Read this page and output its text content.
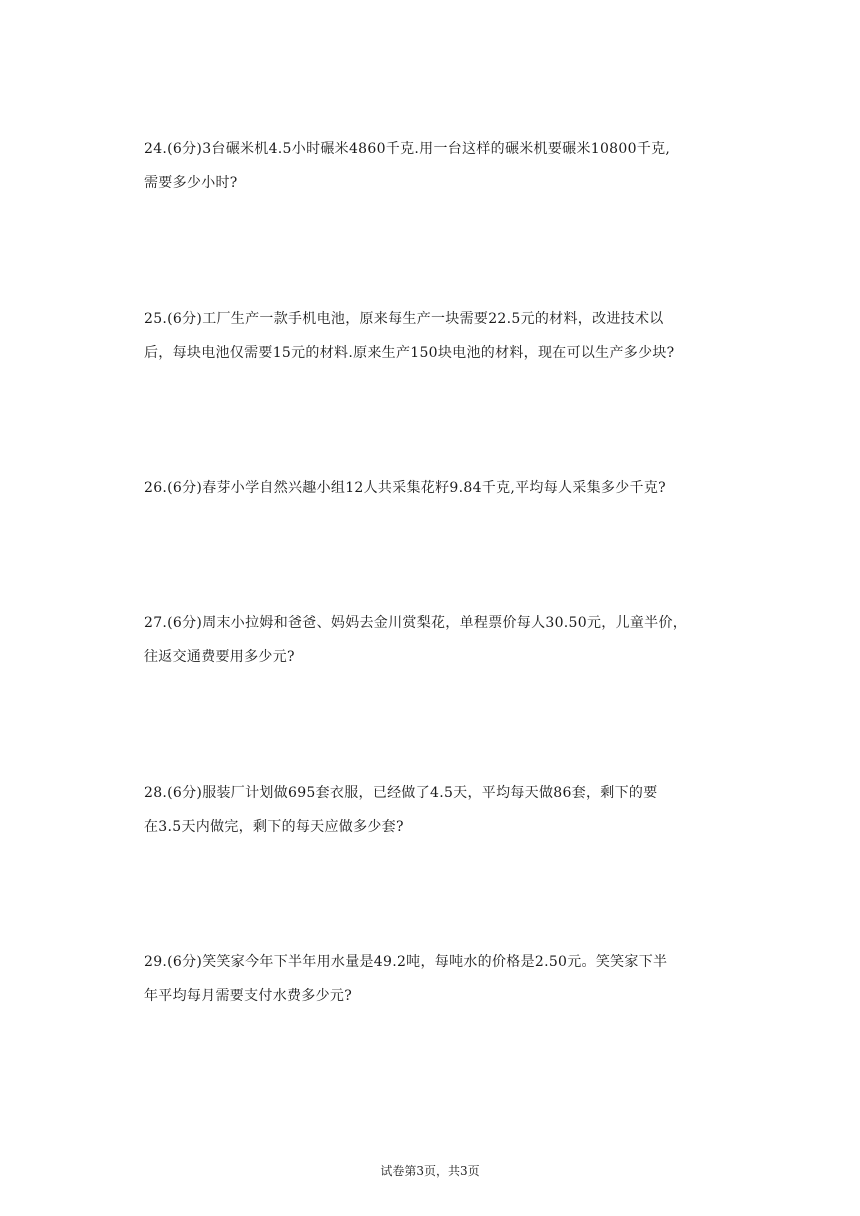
24.(6分)3台碾米机4.5小时碾米4860千克.用一台这样的碾米机要碾米10800千克,
需要多少小时?
25.(6分)工厂生产一款手机电池，原来每生产一块需要22.5元的材料，改进技术以
后，每块电池仅需要15元的材料.原来生产150块电池的材料，现在可以生产多少块?
26.(6分)春芽小学自然兴趣小组12人共采集花籽9.84千克,平均每人采集多少千克?
27.(6分)周末小拉姆和爸爸、妈妈去金川赏梨花，单程票价每人30.50元，儿童半价，
往返交通费要用多少元?
28.(6分)服装厂计划做695套衣服，已经做了4.5天，平均每天做86套，剩下的要
在3.5天内做完，剩下的每天应做多少套?
29.(6分)笑笑家今年下半年用水量是49.2吨，每吨水的价格是2.50元。笑笑家下半
年平均每月需要支付水费多少元?
试卷第3页，共3页
